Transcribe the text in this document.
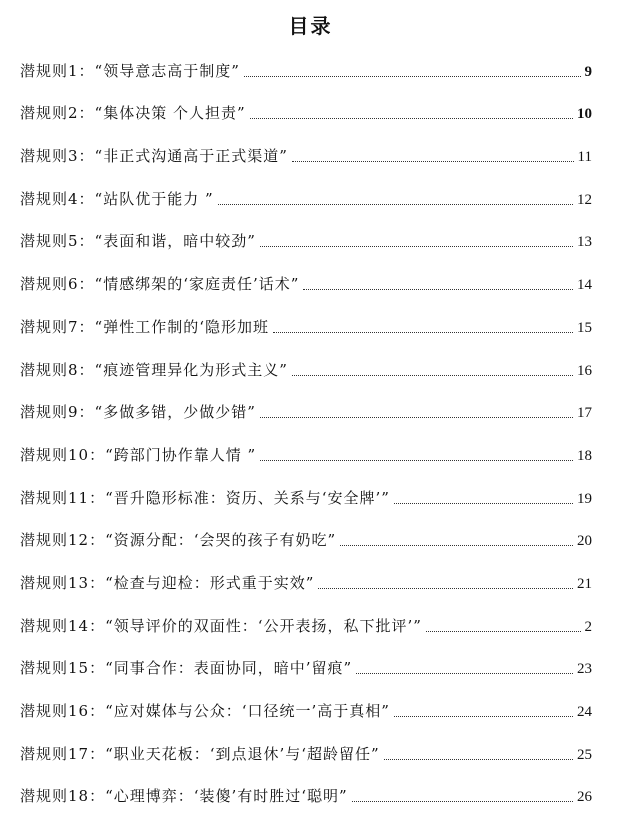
目录
潜规则1：“领导意志高于制度”	9
潜规则2：“集体决策 个人担责”	10
潜规则3：“非正式沟通高于正式渠道”	11
潜规则4：“站队优于能力 ”	12
潜规则5：“表面和谐，暗中较劲”	13
潜规则6：“情感绑架的‘家庭责任’话术”	14
潜规则7：“弹性工作制的‘隐形加班	15
潜规则8：“痕迹管理异化为形式主义”	16
潜规则9：“多做多错，少做少错”	17
潜规则10：“跨部门协作靠人情 ”	18
潜规则11：“晋升隐形标准：资历、关系与‘安全牌’”	19
潜规则12：“资源分配：‘会哭的孩子有奶吃”	20
潜规则13：“检查与迎检：形式重于实效”	21
潜规则14：“领导评价的双面性：‘公开表扬，私下批评’”	2
潜规则15：“同事合作：表面协同，暗中’留痕”	23
潜规则16：“应对媒体与公众：‘口径统一’高于真相”	24
潜规则17：“职业天花板：‘到点退休’与‘超龄留任”	25
潜规则18：“心理博弈：‘装傻’有时胜过‘聪明”	26
